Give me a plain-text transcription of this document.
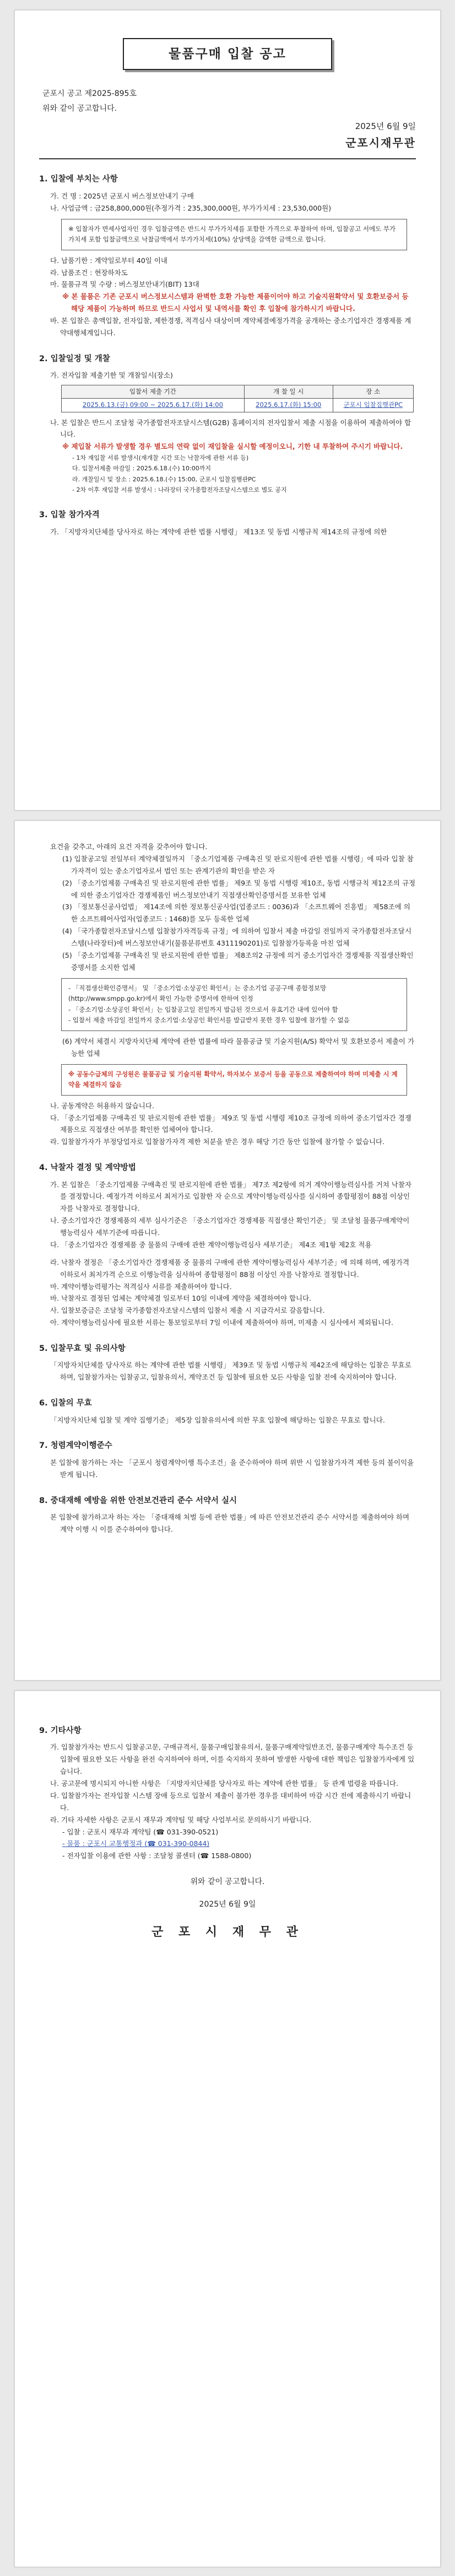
물품구매 입찰 공고
군포시 공고 제2025-895호
위와 같이 공고합니다.
2025년 6월 9일
군포시재무관
1. 입찰에 부치는 사항
가. 건 명 : 2025년 군포시 버스정보안내기 구매
나. 사업금액 : 금258,800,000원(추정가격 : 235,300,000원, 부가가치세 : 23,530,000원)

※ 입찰자가 면세사업자인 경우 입찰금액은 반드시 부가가치세를 포함한 가격으로 투찰하여 하며, 입찰공고 서에도 부가가치세 포함 입찰금액으로 낙찰금액에서 부가가치세(10%) 상당액을 감액한 금액으로 합니다.

다. 납품기한 : 계약일로부터 40일 이내
라. 납품조건 : 현장하차도
마. 물품규격 및 수량 : 버스정보안내기(BIT) 13대
※ 본 물품은 기존 군포시 버스정보시스템과 완벽한 호환 가능한 제품이어야 하고 기술지원확약서 및 호환보증서 등 해당 제품이 가능하며 하므로 반드시 사업서 및 내역서를 확인 후 입찰에 참가하시기 바랍니다.
바. 본 입찰은 총액입찰, 전자입찰, 제한경쟁, 적격심사 대상이며 계약체결예정가격을 공개하는 중소기업자간 경쟁제품 계약대행체계입니다.
2. 입찰일정 및 개찰
가. 전자입찰 제출기한 및 개찰일시(장소)
입찰서 제출 기간	개 찰 일 시	장 소
2025.6.13.(금) 09:00 ~ 2025.6.17.(화) 14:00	2025.6.17.(화) 15:00	군포시 입찰집행관PC
나. 본 입찰은 반드시 조달청 국가종합전자조달시스템(G2B) 홈페이지의 전자입찰서 제출 시점을 이용하여 제출하여야 합니다.
※ 제입찰 서류가 발생할 경우 별도의 연락 없이 재입찰을 실시할 예정이오니, 기한 내 투찰하여 주시기 바랍니다.
- 1차 재입찰 서류 발생시(재개찰 시간 또는 낙찰자에 관한 서류 등)
다. 입찰서제출 마감일 : 2025.6.18.(수) 10:00까지
라. 개찰일시 및 장소 : 2025.6.18.(수) 15:00, 군포시 입찰집행관PC
- 2차 이후 재입찰 서류 발생시 : 나라장터 국가종합전자조달시스템으로 별도 공지
3. 입찰 참가자격
가. 「지방자치단체를 당사자로 하는 계약에 관한 법률 시행령」 제13조 및 동법 시행규칙 제14조의 규정에 의한
요건을 갖추고, 아래의 요건 자격을 갖추어야 합니다.
(1) 입찰공고일 전일부터 계약체결일까지 「중소기업제품 구매촉진 및 판로지원에 관한 법률 시행령」에 따라 입찰 참가자격이 있는 중소기업자로서 법인 또는 관계기관의 확인을 받은 자
(2) 「중소기업제품 구매촉진 및 판로지원에 관한 법률」 제9조 및 동법 시행령 제10조, 동법 시행규칙 제12조의 규정에 의한 중소기업자간 경쟁제품인 버스정보안내기 직접생산확인증명서를 보유한 업체
(3) 「정보통신공사업법」 제14조에 의한 정보통신공사업(업종코드 : 0036)과 「소프트웨어 진흥법」 제58조에 의한 소프트웨어사업자(업종코드 : 1468)를 모두 등록한 업체
(4) 「국가종합전자조달시스템 입찰참가자격등록 규정」에 의하여 입찰서 제출 마감일 전일까지 국가종합전자조달시스템(나라장터)에 버스정보안내기(물품분류번호 4311190201)로 입찰참가등록을 마친 업체
(5) 「중소기업제품 구매촉진 및 판로지원에 관한 법률」 제8조의2 규정에 의거 중소기업자간 경쟁제품 직접생산확인증명서를 소지한 업체

- 「직접생산확인증명서」 및 「중소기업·소상공인 확인서」는 중소기업 공공구매 종합정보망(http://www.smpp.go.kr)에서 확인 가능한 증명서에 한하여 인정

- 「중소기업·소상공인 확인서」는 입찰공고일 전일까지 발급된 것으로서 유효기간 내에 있어야 함

- 입찰서 제출 마감일 전일까지 중소기업·소상공인 확인서를 발급받지 못한 경우 입찰에 참가할 수 없음

(6) 계약서 체결시 지방자치단체 계약에 관한 법률에 따라 물품공급 및 기술지원(A/S) 확약서 및 호환보증서 제출이 가능한 업체

※ 공동수급체의 구성원은 물품공급 및 기술지원 확약서, 하자보수 보증서 등을 공동으로 제출하여야 하며 미제출 시 계약을 체결하지 않음

나. 공동계약은 허용하지 않습니다.
다. 「중소기업제품 구매촉진 및 판로지원에 관한 법률」 제9조 및 동법 시행령 제10조 규정에 의하여 중소기업자간 경쟁제품으로 직접생산 여부를 확인한 업체여야 합니다.
라. 입찰참가자가 부정당업자로 입찰참가자격 제한 처분을 받은 경우 해당 기간 동안 입찰에 참가할 수 없습니다.
4. 낙찰자 결정 및 계약방법
가. 본 입찰은 「중소기업제품 구매촉진 및 판로지원에 관한 법률」 제7조 제2항에 의거 계약이행능력심사를 거쳐 낙찰자를 결정합니다. 예정가격 이하로서 최저가로 입찰한 자 순으로 계약이행능력심사를 실시하여 종합평점이 88점 이상인 자를 낙찰자로 결정합니다.
나. 중소기업자간 경쟁제품의 세부 심사기준은 「중소기업자간 경쟁제품 직접생산 확인기준」 및 조달청 물품구매계약이행능력심사 세부기준에 따릅니다.
다. 「중소기업자간 경쟁제품 중 물품의 구매에 관한 계약이행능력심사 세부기준」 제4조 제1항 제2호 적용
라. 낙찰자 결정은 「중소기업자간 경쟁제품 중 물품의 구매에 관한 계약이행능력심사 세부기준」에 의해 하며, 예정가격 이하로서 최저가격 순으로 이행능력을 심사하여 종합평점이 88점 이상인 자를 낙찰자로 결정합니다.
마. 계약이행능력평가는 적격심사 서류를 제출하여야 합니다.
바. 낙찰자로 결정된 업체는 계약체결 일로부터 10일 이내에 계약을 체결하여야 합니다.
사. 입찰보증금은 조달청 국가종합전자조달시스템의 입찰서 제출 시 지급각서로 갈음합니다.
아. 계약이행능력심사에 필요한 서류는 통보일로부터 7일 이내에 제출하여야 하며, 미제출 시 심사에서 제외됩니다.
5. 입찰무효 및 유의사항
「지방자치단체를 당사자로 하는 계약에 관한 법률 시행령」 제39조 및 동법 시행규칙 제42조에 해당하는 입찰은 무효로 하며, 입찰참가자는 입찰공고, 입찰유의서, 계약조건 등 입찰에 필요한 모든 사항을 입찰 전에 숙지하여야 합니다.
6. 입찰의 무효
「지방자치단체 입찰 및 계약 집행기준」 제5장 입찰유의서에 의한 무효 입찰에 해당하는 입찰은 무효로 합니다.
7. 청렴계약이행준수
본 입찰에 참가하는 자는 「군포시 청렴계약이행 특수조건」을 준수하여야 하며 위반 시 입찰참가자격 제한 등의 불이익을 받게 됩니다.
8. 중대재해 예방을 위한 안전보건관리 준수 서약서 실시
본 입찰에 참가하고자 하는 자는 「중대재해 처벌 등에 관한 법률」에 따른 안전보건관리 준수 서약서를 제출하여야 하며 계약 이행 시 이를 준수하여야 합니다.
9. 기타사항
가. 입찰참가자는 반드시 입찰공고문, 구매규격서, 물품구매입찰유의서, 물품구매계약일반조건, 물품구매계약 특수조건 등 입찰에 필요한 모든 사항을 완전 숙지하여야 하며, 이를 숙지하지 못하여 발생한 사항에 대한 책임은 입찰참가자에게 있습니다.
나. 공고문에 명시되지 아니한 사항은 「지방자치단체를 당사자로 하는 계약에 관한 법률」 등 관계 법령을 따릅니다.
다. 입찰참가자는 전자입찰 시스템 장애 등으로 입찰서 제출이 불가한 경우를 대비하여 마감 시간 전에 제출하시기 바랍니다.
라. 기타 자세한 사항은 군포시 재무과 계약팀 및 해당 사업부서로 문의하시기 바랍니다.
- 입찰 : 군포시 재무과 계약팀 (☎ 031-390-0521)
- 물품 : 군포시 교통행정과 (☎ 031-390-0844)
- 전자입찰 이용에 관한 사항 : 조달청 콜센터 (☎ 1588-0800)
위와 같이 공고합니다.
2025년 6월 9일
군 포 시 재 무 관
